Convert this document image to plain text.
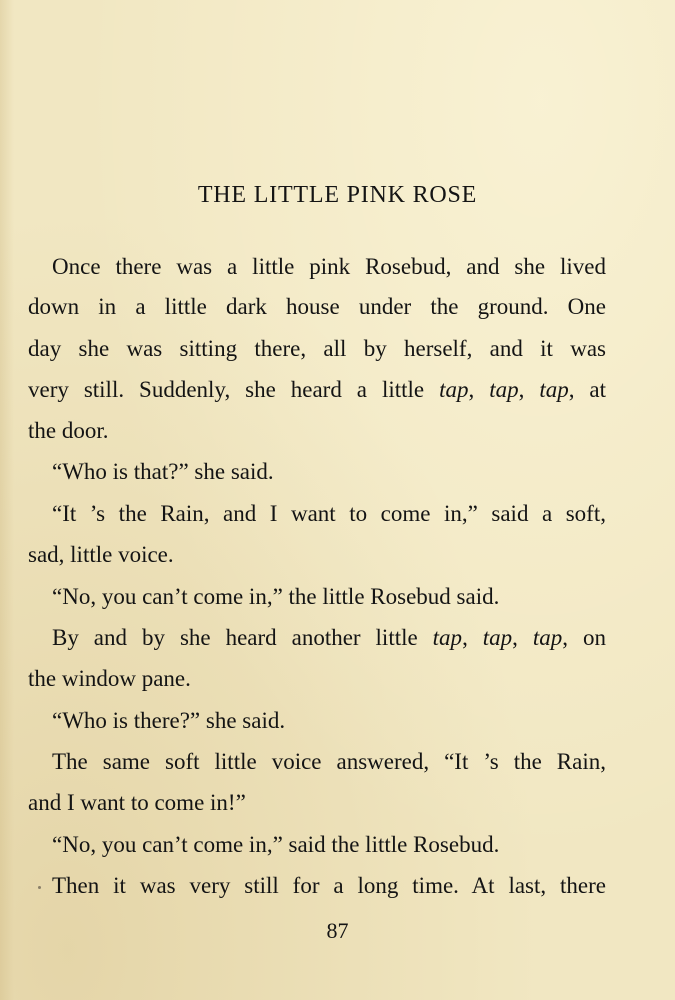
THE LITTLE PINK ROSE
Once there was a little pink Rosebud, and she lived
down in a little dark house under the ground. One
day she was sitting there, all by herself, and it was
very still. Suddenly, she heard a little tap, tap, tap, at
the door.
“Who is that?” she said.
“It ’s the Rain, and I want to come in,” said a soft,
sad, little voice.
“No, you can’t come in,” the little Rosebud said.
By and by she heard another little tap, tap, tap, on
the window pane.
“Who is there?” she said.
The same soft little voice answered, “It ’s the Rain,
and I want to come in!”
“No, you can’t come in,” said the little Rosebud.
Then it was very still for a long time. At last, there
87
